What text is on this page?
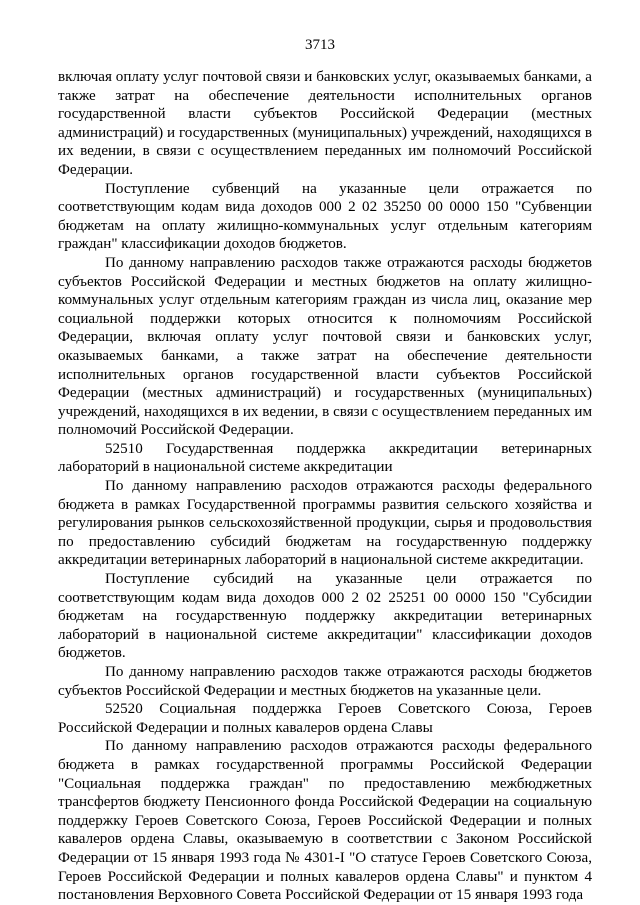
3713

включая оплату услуг почтовой связи и банковских услуг, оказываемых банками, а также затрат на обеспечение деятельности исполнительных органов государственной власти субъектов Российской Федерации (местных администраций) и государственных (муниципальных) учреждений, находящихся в их ведении, в связи с осуществлением переданных им полномочий Российской Федерации.

Поступление субвенций на указанные цели отражается по соответствующим кодам вида доходов 000 2 02 35250 00 0000 150 "Субвенции бюджетам на оплату жилищно-коммунальных услуг отдельным категориям граждан" классификации доходов бюджетов.

По данному направлению расходов также отражаются расходы бюджетов субъектов Российской Федерации и местных бюджетов на оплату жилищно-коммунальных услуг отдельным категориям граждан из числа лиц, оказание мер социальной поддержки которых относится к полномочиям Российской Федерации, включая оплату услуг почтовой связи и банковских услуг, оказываемых банками, а также затрат на обеспечение деятельности исполнительных органов государственной власти субъектов Российской Федерации (местных администраций) и государственных (муниципальных) учреждений, находящихся в их ведении, в связи с осуществлением переданных им полномочий Российской Федерации.

52510 Государственная поддержка аккредитации ветеринарных лабораторий в национальной системе аккредитации

По данному направлению расходов отражаются расходы федерального бюджета в рамках Государственной программы развития сельского хозяйства и регулирования рынков сельскохозяйственной продукции, сырья и продовольствия по предоставлению субсидий бюджетам на государственную поддержку аккредитации ветеринарных лабораторий в национальной системе аккредитации.

Поступление субсидий на указанные цели отражается по соответствующим кодам вида доходов 000 2 02 25251 00 0000 150 "Субсидии бюджетам на государственную поддержку аккредитации ветеринарных лабораторий в национальной системе аккредитации" классификации доходов бюджетов.

По данному направлению расходов также отражаются расходы бюджетов субъектов Российской Федерации и местных бюджетов на указанные цели.

52520 Социальная поддержка Героев Советского Союза, Героев Российской Федерации и полных кавалеров ордена Славы

По данному направлению расходов отражаются расходы федерального бюджета в рамках государственной программы Российской Федерации "Социальная поддержка граждан" по предоставлению межбюджетных трансфертов бюджету Пенсионного фонда Российской Федерации на социальную поддержку Героев Советского Союза, Героев Российской Федерации и полных кавалеров ордена Славы, оказываемую в соответствии с Законом Российской Федерации от 15 января 1993 года № 4301-I "О статусе Героев Советского Союза, Героев Российской Федерации и полных кавалеров ордена Славы" и пунктом 4 постановления Верховного Совета Российской Федерации от 15 января 1993 года
